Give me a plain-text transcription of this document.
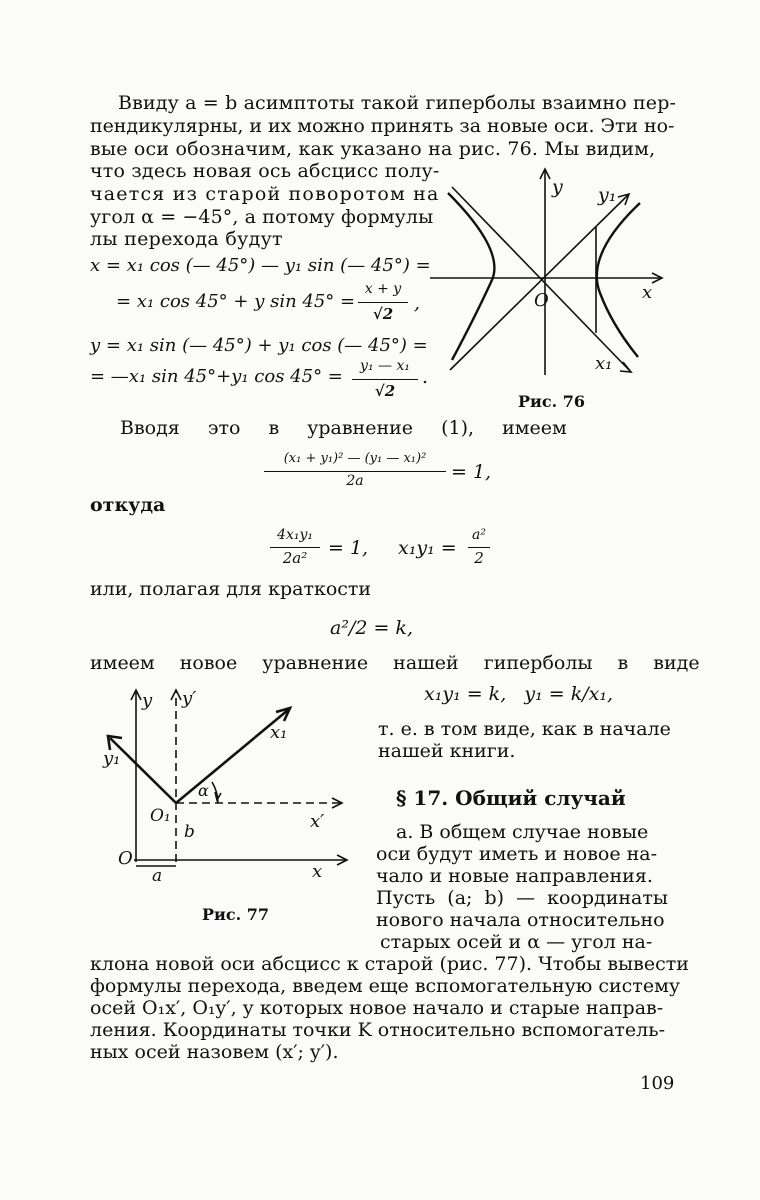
Ввиду a = b асимптоты такой гиперболы взаимно пер-

пендикулярны, и их можно принять за новые оси. Эти но-

вые оси обозначим, как указано на рис. 76. Мы видим,

что здесь новая ось абсцисс полу-

чается из старой поворотом на

угол α = −45°, а потому формулы

лы перехода будут

x = x₁ cos (— 45°) — y₁ sin (— 45°) =

= x₁ cos 45° + y sin 45° =

x + y
√2	,

y = x₁ sin (— 45°) + y₁ cos (— 45°) =

= —x₁ sin 45°+y₁ cos 45° =	y₁ — x₁
√2
.
y y₁
x
O
x₁
Рис. 76

Вводя это в уравнение (1), имеем

(x₁ + y₁)² — (y₁ — x₁)²
2a	= 1,

откуда

4x₁y₁
2a²	= 1, x₁y₁ =
a²
2

или, полагая для краткости

a²/2 = k,

имеем новое уравнение нашей гиперболы в виде

x₁y₁ = k,   y₁ = k/x₁,

т. е. в том виде, как в начале

нашей книги.

§ 17. Общий случай

а. В общем случае новые

оси будут иметь и новое на-

чало и новые направления.

Пусть (a; b) — координаты

нового начала относительно

старых осей и α — угол на-

клона новой оси абсцисс к старой (рис. 77). Чтобы вывести

формулы перехода, введем еще вспомогательную систему

осей O₁x′, O₁y′, у которых новое начало и старые направ-

ления. Координаты точки K относительно вспомогатель-

ных осей назовем (x′; y′).

y y′
y₁
x₁
x′
x
O
O₁
α
b
a
Рис. 77
109
